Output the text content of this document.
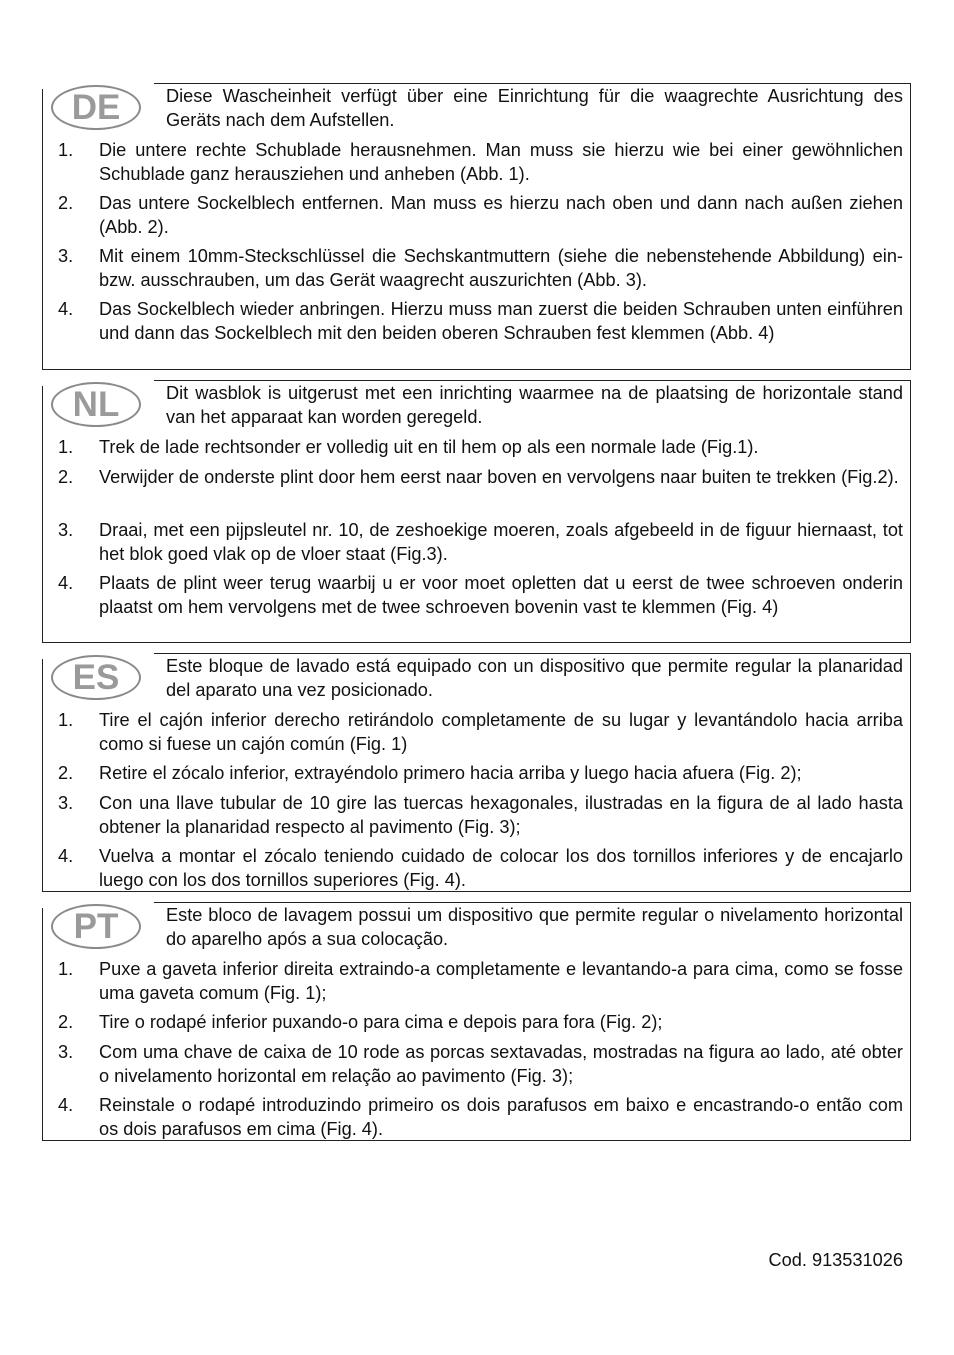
DE	Diese Wascheinheit verfügt über eine Einrichtung für die waagrechte Ausrichtung des Geräts nach dem Aufstellen.
1.	Die untere rechte Schublade herausnehmen. Man muss sie hierzu wie bei einer gewöhnlichen Schublade ganz herausziehen und anheben (Abb. 1).
2.	Das untere Sockelblech entfernen. Man muss es hierzu nach oben und dann nach außen ziehen (Abb. 2).
3.	Mit einem 10mm-Steckschlüssel die Sechskantmuttern (siehe die nebenstehende Abbildung) ein- bzw. ausschrauben, um das Gerät waagrecht auszurichten (Abb. 3).
4.	Das Sockelblech wieder anbringen. Hierzu muss man zuerst die beiden Schrauben unten einführen und dann das Sockelblech mit den beiden oberen Schrauben fest klemmen (Abb. 4)
NL	Dit wasblok is uitgerust met een inrichting waarmee na de plaatsing de horizontale stand van het apparaat kan worden geregeld.
1.	Trek de lade rechtsonder er volledig uit en til hem op als een normale lade (Fig.1).
2.	Verwijder de onderste plint door hem eerst naar boven en vervolgens naar buiten te trekken (Fig.2).
3.	Draai, met een pijpsleutel nr. 10, de zeshoekige moeren, zoals afgebeeld in de figuur hiernaast, tot het blok goed vlak op de vloer staat (Fig.3).
4.	Plaats de plint weer terug waarbij u er voor moet opletten dat u eerst de twee schroeven onderin plaatst om hem vervolgens met de twee schroeven bovenin vast te klemmen (Fig. 4)
ES	Este bloque de lavado está equipado con un dispositivo que permite regular la planaridad del aparato una vez posicionado.
1.	Tire el cajón inferior derecho retirándolo completamente de su lugar y levantándolo hacia arriba como si fuese un cajón común (Fig. 1)
2.	Retire el zócalo inferior, extrayéndolo primero hacia arriba y luego hacia afuera (Fig. 2);
3.	Con una llave tubular de 10 gire las tuercas hexagonales, ilustradas en la figura de al lado hasta obtener la planaridad respecto al pavimento (Fig. 3);
4.	Vuelva a montar el zócalo teniendo cuidado de colocar los dos tornillos inferiores y de encajarlo luego con los dos tornillos superiores (Fig. 4).
PT	Este bloco de lavagem possui um dispositivo que permite regular o nivelamento horizontal do aparelho após a sua colocação.
1.	Puxe a gaveta inferior direita extraindo-a completamente e levantando-a para cima, como se fosse uma gaveta comum (Fig. 1);
2.	Tire o rodapé inferior puxando-o para cima e depois para fora (Fig. 2);
3.	Com uma chave de caixa de 10 rode as porcas sextavadas, mostradas na figura ao lado, até obter o nivelamento horizontal em relação ao pavimento (Fig. 3);
4.	Reinstale o rodapé introduzindo primeiro os dois parafusos em baixo e encastrando-o então com os dois parafusos em cima (Fig. 4).
Cod. 913531026
